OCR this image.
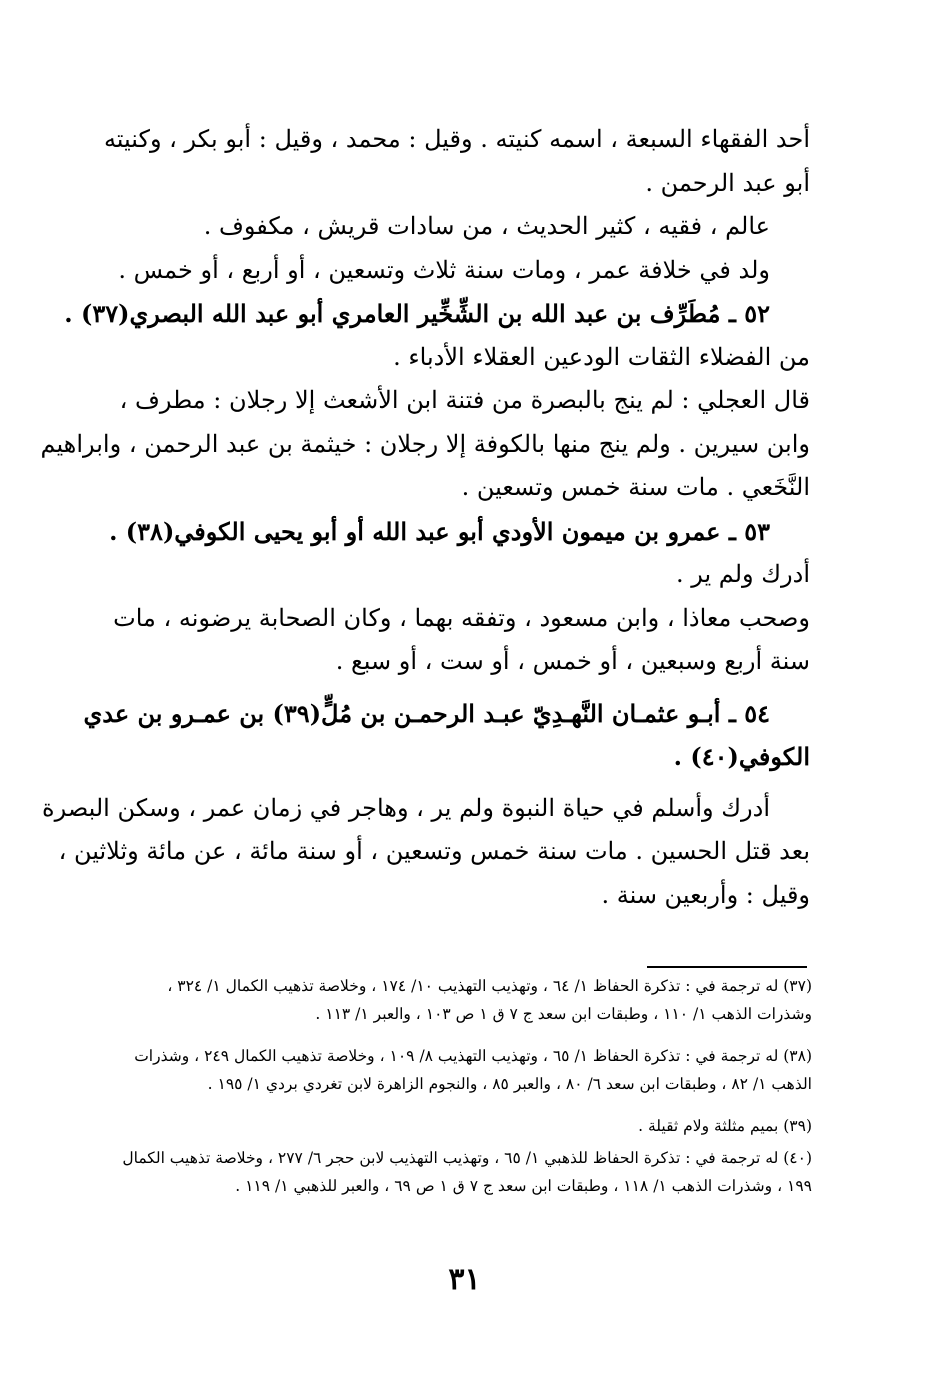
أحد الفقهاء السبعة ، اسمه كنيته . وقيل : محمد ، وقيل : أبو بكر ، وكنيته
أبو عبد الرحمن .
عالم ، فقيه ، كثير الحديث ، من سادات قريش ، مكفوف .
ولد في خلافة عمر ، ومات سنة ثلاث وتسعين ، أو أربع ، أو خمس .
٥٢ ـ مُطَرِّف بن عبد الله بن الشِّخِّير العامري أبو عبد الله البصري(٣٧) .
من الفضلاء الثقات الودعين العقلاء الأدباء .
قال العجلي : لم ينج بالبصرة من فتنة ابن الأشعث إلا رجلان : مطرف ،
وابن سيرين . ولم ينج منها بالكوفة إلا رجلان : خيثمة بن عبد الرحمن ، وابراهيم
النَّخَعي . مات سنة خمس وتسعين .
٥٣ ـ عمرو بن ميمون الأودي أبو عبد الله أو أبو يحيى الكوفي(٣٨) .
أدرك ولم ير .
وصحب معاذا ، وابن مسعود ، وتفقه بهما ، وكان الصحابة يرضونه ، مات
سنة أربع وسبعين ، أو خمس ، أو ست ، أو سبع .
٥٤ ـ أبـو عثمـان النَّهـدِيّ عبـد الرحمـن بن مُلٍّ(٣٩) بن عمـرو بن عدي
الكوفي(٤٠) .
أدرك وأسلم في حياة النبوة ولم ير ، وهاجر في زمان عمر ، وسكن البصرة
بعد قتل الحسين . مات سنة خمس وتسعين ، أو سنة مائة ، عن مائة وثلاثين ،
وقيل : وأربعين سنة .
(٣٧) له ترجمة في : تذكرة الحفاظ ١/ ٦٤ ، وتهذيب التهذيب ١٠/ ١٧٤ ، وخلاصة تذهيب الكمال ١/ ٣٢٤ ،
وشذرات الذهب ١/ ١١٠ ، وطبقات ابن سعد ج ٧ ق ١ ص ١٠٣ ، والعبر ١/ ١١٣ .
(٣٨) له ترجمة في : تذكرة الحفاظ ١/ ٦٥ ، وتهذيب التهذيب ٨/ ١٠٩ ، وخلاصة تذهيب الكمال ٢٤٩ ، وشذرات
الذهب ١/ ٨٢ ، وطبقات ابن سعد ٦/ ٨٠ ، والعبر ٨٥ ، والنجوم الزاهرة لابن تغردي بردي ١/ ١٩٥ .
(٣٩) بميم مثلثة ولام ثقيلة .
(٤٠) له ترجمة في : تذكرة الحفاظ للذهبي ١/ ٦٥ ، وتهذيب التهذيب لابن حجر ٦/ ٢٧٧ ، وخلاصة تذهيب الكمال
١٩٩ ، وشذرات الذهب ١/ ١١٨ ، وطبقات ابن سعد ج ٧ ق ١ ص ٦٩ ، والعبر للذهبي ١/ ١١٩ .
٣١
